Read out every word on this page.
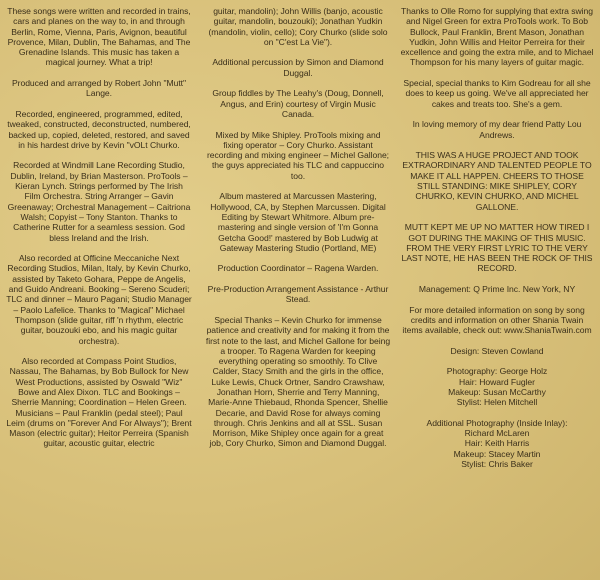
These songs were written and recorded in trains, cars and planes on the way to, in and through Berlin, Rome, Vienna, Paris, Avignon, beautiful Provence, Milan, Dublin, The Bahamas, and The Grenadine Islands. This music has taken a magical journey. What a trip!

Produced and arranged by Robert John "Mutt" Lange.

Recorded, engineered, programmed, edited, tweaked, constructed, deconstructed, numbered, backed up, copied, deleted, restored, and saved in his hardest drive by Kevin "vOLt Churko.

Recorded at Windmill Lane Recording Studio, Dublin, Ireland, by Brian Masterson. ProTools – Kieran Lynch. Strings performed by The Irish Film Orchestra. String Arranger – Gavin Greenaway; Orchestral Management – Caitriona Walsh; Copyist – Tony Stanton. Thanks to Catherine Rutter for a seamless session. God bless Ireland and the Irish.

Also recorded at Officine Meccaniche Next Recording Studios, Milan, Italy, by Kevin Churko, assisted by Taketo Gohara, Peppe de Angelis, and Guido Andreani. Booking – Sereno Scuderi; TLC and dinner – Mauro Pagani; Studio Manager – Paolo Lafelice. Thanks to "Magical" Michael Thompson (slide guitar, riff 'n rhythm, electric guitar, bouzouki ebo, and his magic guitar orchestra).

Also recorded at Compass Point Studios, Nassau, The Bahamas, by Bob Bullock for New West Productions, assisted by Oswald "Wiz" Bowe and Alex Dixon. TLC and Bookings – Sherrie Manning; Coordination – Helen Green. Musicians – Paul Franklin (pedal steel); Paul Leim (drums on "Forever And For Always"); Brent Mason (electric guitar); Heitor Perreira (Spanish guitar, acoustic guitar, electric

guitar, mandolin); John Willis (banjo, acoustic guitar, mandolin, bouzouki); Jonathan Yudkin (mandolin, violin, cello); Cory Churko (slide solo on "C'est La Vie").

Additional percussion by Simon and Diamond Duggal.

Group fiddles by The Leahy's (Doug, Donnell, Angus, and Erin) courtesy of Virgin Music Canada.

Mixed by Mike Shipley. ProTools mixing and fixing operator – Cory Churko. Assistant recording and mixing engineer – Michel Gallone; the guys appreciated his TLC and cappuccino too.

Album mastered at Marcussen Mastering, Hollywood, CA, by Stephen Marcussen. Digital Editing by Stewart Whitmore. Album pre-mastering and single version of 'I'm Gonna Getcha Good!' mastered by Bob Ludwig at Gateway Mastering Studio (Portland, ME)

Production Coordinator – Ragena Warden.

Pre-Production Arrangement Assistance - Arthur Stead.

Special Thanks – Kevin Churko for immense patience and creativity and for making it from the first note to the last, and Michel Gallone for being a trooper. To Ragena Warden for keeping everything operating so smoothly. To Clive Calder, Stacy Smith and the girls in the office, Luke Lewis, Chuck Ortner, Sandro Crawshaw, Jonathan Horn, Sherrie and Terry Manning, Marie-Anne Thiebaud, Rhonda Spencer, Shellie Decarie, and David Rose for always coming through. Chris Jenkins and all at SSL. Susan Morrison, Mike Shipley once again for a great job, Cory Churko, Simon and Diamond Duggal.

Thanks to Olle Romo for supplying that extra swing and Nigel Green for extra ProTools work. To Bob Bullock, Paul Franklin, Brent Mason, Jonathan Yudkin, John Willis and Heitor Perreira for their excellence and going the extra mile, and to Michael Thompson for his many layers of guitar magic.

Special, special thanks to Kim Godreau for all she does to keep us going. We've all appreciated her cakes and treats too. She's a gem.

In loving memory of my dear friend Patty Lou Andrews.

THIS WAS A HUGE PROJECT AND TOOK EXTRAORDINARY AND TALENTED PEOPLE TO MAKE IT ALL HAPPEN. CHEERS TO THOSE STILL STANDING: MIKE SHIPLEY, CORY CHURKO, KEVIN CHURKO, AND MICHEL GALLONE.

MUTT KEPT ME UP NO MATTER HOW TIRED I GOT DURING THE MAKING OF THIS MUSIC. FROM THE VERY FIRST LYRIC TO THE VERY LAST NOTE, HE HAS BEEN THE ROCK OF THIS RECORD.

Management: Q Prime Inc. New York, NY

For more detailed information on song by song credits and information on other Shania Twain items available, check out: www.ShaniaTwain.com

Design: Steven Cowland

Photography: George Holz
Hair: Howard Fugler
Makeup: Susan McCarthy
Stylist: Helen Mitchell

Additional Photography (Inside Inlay):
Richard McLaren
Hair: Keith Harris
Makeup: Stacey Martin
Stylist: Chris Baker
